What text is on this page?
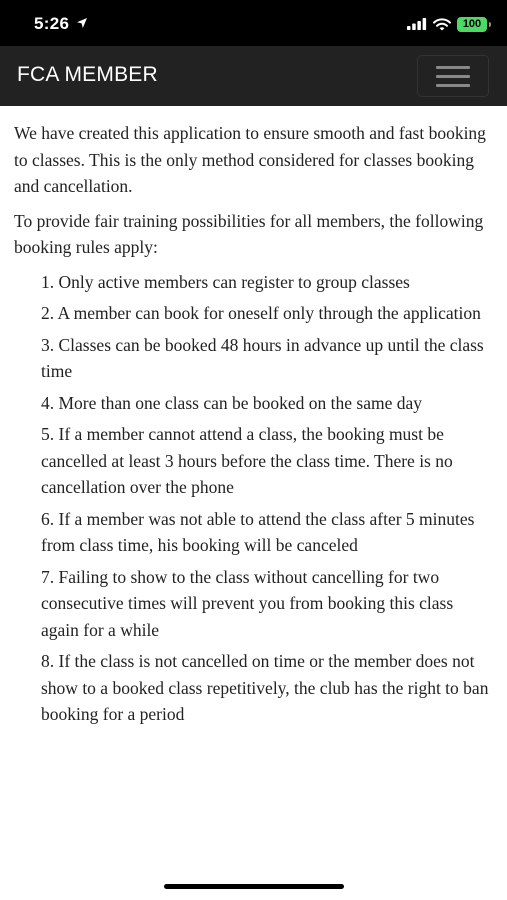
5:26	100
FCA MEMBER

We have created this application to ensure smooth and fast booking to classes. This is the only method considered for classes booking and cancellation.

To provide fair training possibilities for all members, the following booking rules apply:

1. Only active members can register to group classes
2. A member can book for oneself only through the application
3. Classes can be booked 48 hours in advance up until the class time
4. More than one class can be booked on the same day
5. If a member cannot attend a class, the booking must be cancelled at least 3 hours before the class time. There is no cancellation over the phone
6. If a member was not able to attend the class after 5 minutes from class time, his booking will be canceled
7. Failing to show to the class without cancelling for two consecutive times will prevent you from booking this class again for a while
8. If the class is not cancelled on time or the member does not show to a booked class repetitively, the club has the right to ban booking for a period
